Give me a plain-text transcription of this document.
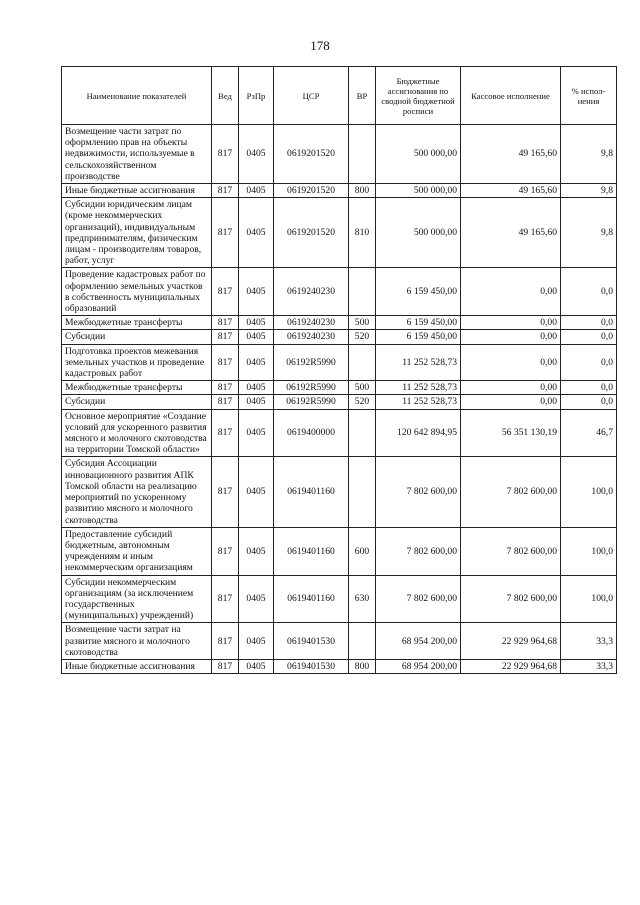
178
Наименование показателей	Вед	РзПр	ЦСР	ВР	Бюджетные ассигнования по сводной бюджетной росписи	Кассовое исполнение	% испол-нения
Возмещение части затрат по оформлению прав на объекты недвижимости, используемые в сельскохозяйственном производстве	817	0405	0619201520		500 000,00	49 165,60	9,8
Иные бюджетные ассигнования	817	0405	0619201520	800	500 000,00	49 165,60	9,8
Субсидии юридическим лицам (кроме некоммерческих организаций), индивидуальным предпринимателям, физическим лицам - производителям товаров, работ, услуг	817	0405	0619201520	810	500 000,00	49 165,60	9,8
Проведение кадастровых работ по оформлению земельных участков в собственность муниципальных образований	817	0405	0619240230		6 159 450,00	0,00	0,0
Межбюджетные трансферты	817	0405	0619240230	500	6 159 450,00	0,00	0,0
Субсидии	817	0405	0619240230	520	6 159 450,00	0,00	0,0
Подготовка проектов межевания земельных участков и проведение кадастровых работ	817	0405	06192R5990		11 252 528,73	0,00	0,0
Межбюджетные трансферты	817	0405	06192R5990	500	11 252 528,73	0,00	0,0
Субсидии	817	0405	06192R5990	520	11 252 528,73	0,00	0,0
Основное мероприятие «Создание условий для ускоренного развития мясного и молочного скотоводства на территории Томской области»	817	0405	0619400000		120 642 894,95	56 351 130,19	46,7
Субсидия Ассоциации инновационного развития АПК Томской области на реализацию мероприятий по ускоренному развитию мясного и молочного скотоводства	817	0405	0619401160		7 802 600,00	7 802 600,00	100,0
Предоставление субсидий бюджетным, автономным учреждениям и иным некоммерческим организациям	817	0405	0619401160	600	7 802 600,00	7 802 600,00	100,0
Субсидии некоммерческим организациям (за исключением государственных (муниципальных) учреждений)	817	0405	0619401160	630	7 802 600,00	7 802 600,00	100,0
Возмещение части затрат на развитие мясного и молочного скотоводства	817	0405	0619401530		68 954 200,00	22 929 964,68	33,3
Иные бюджетные ассигнования	817	0405	0619401530	800	68 954 200,00	22 929 964,68	33,3
